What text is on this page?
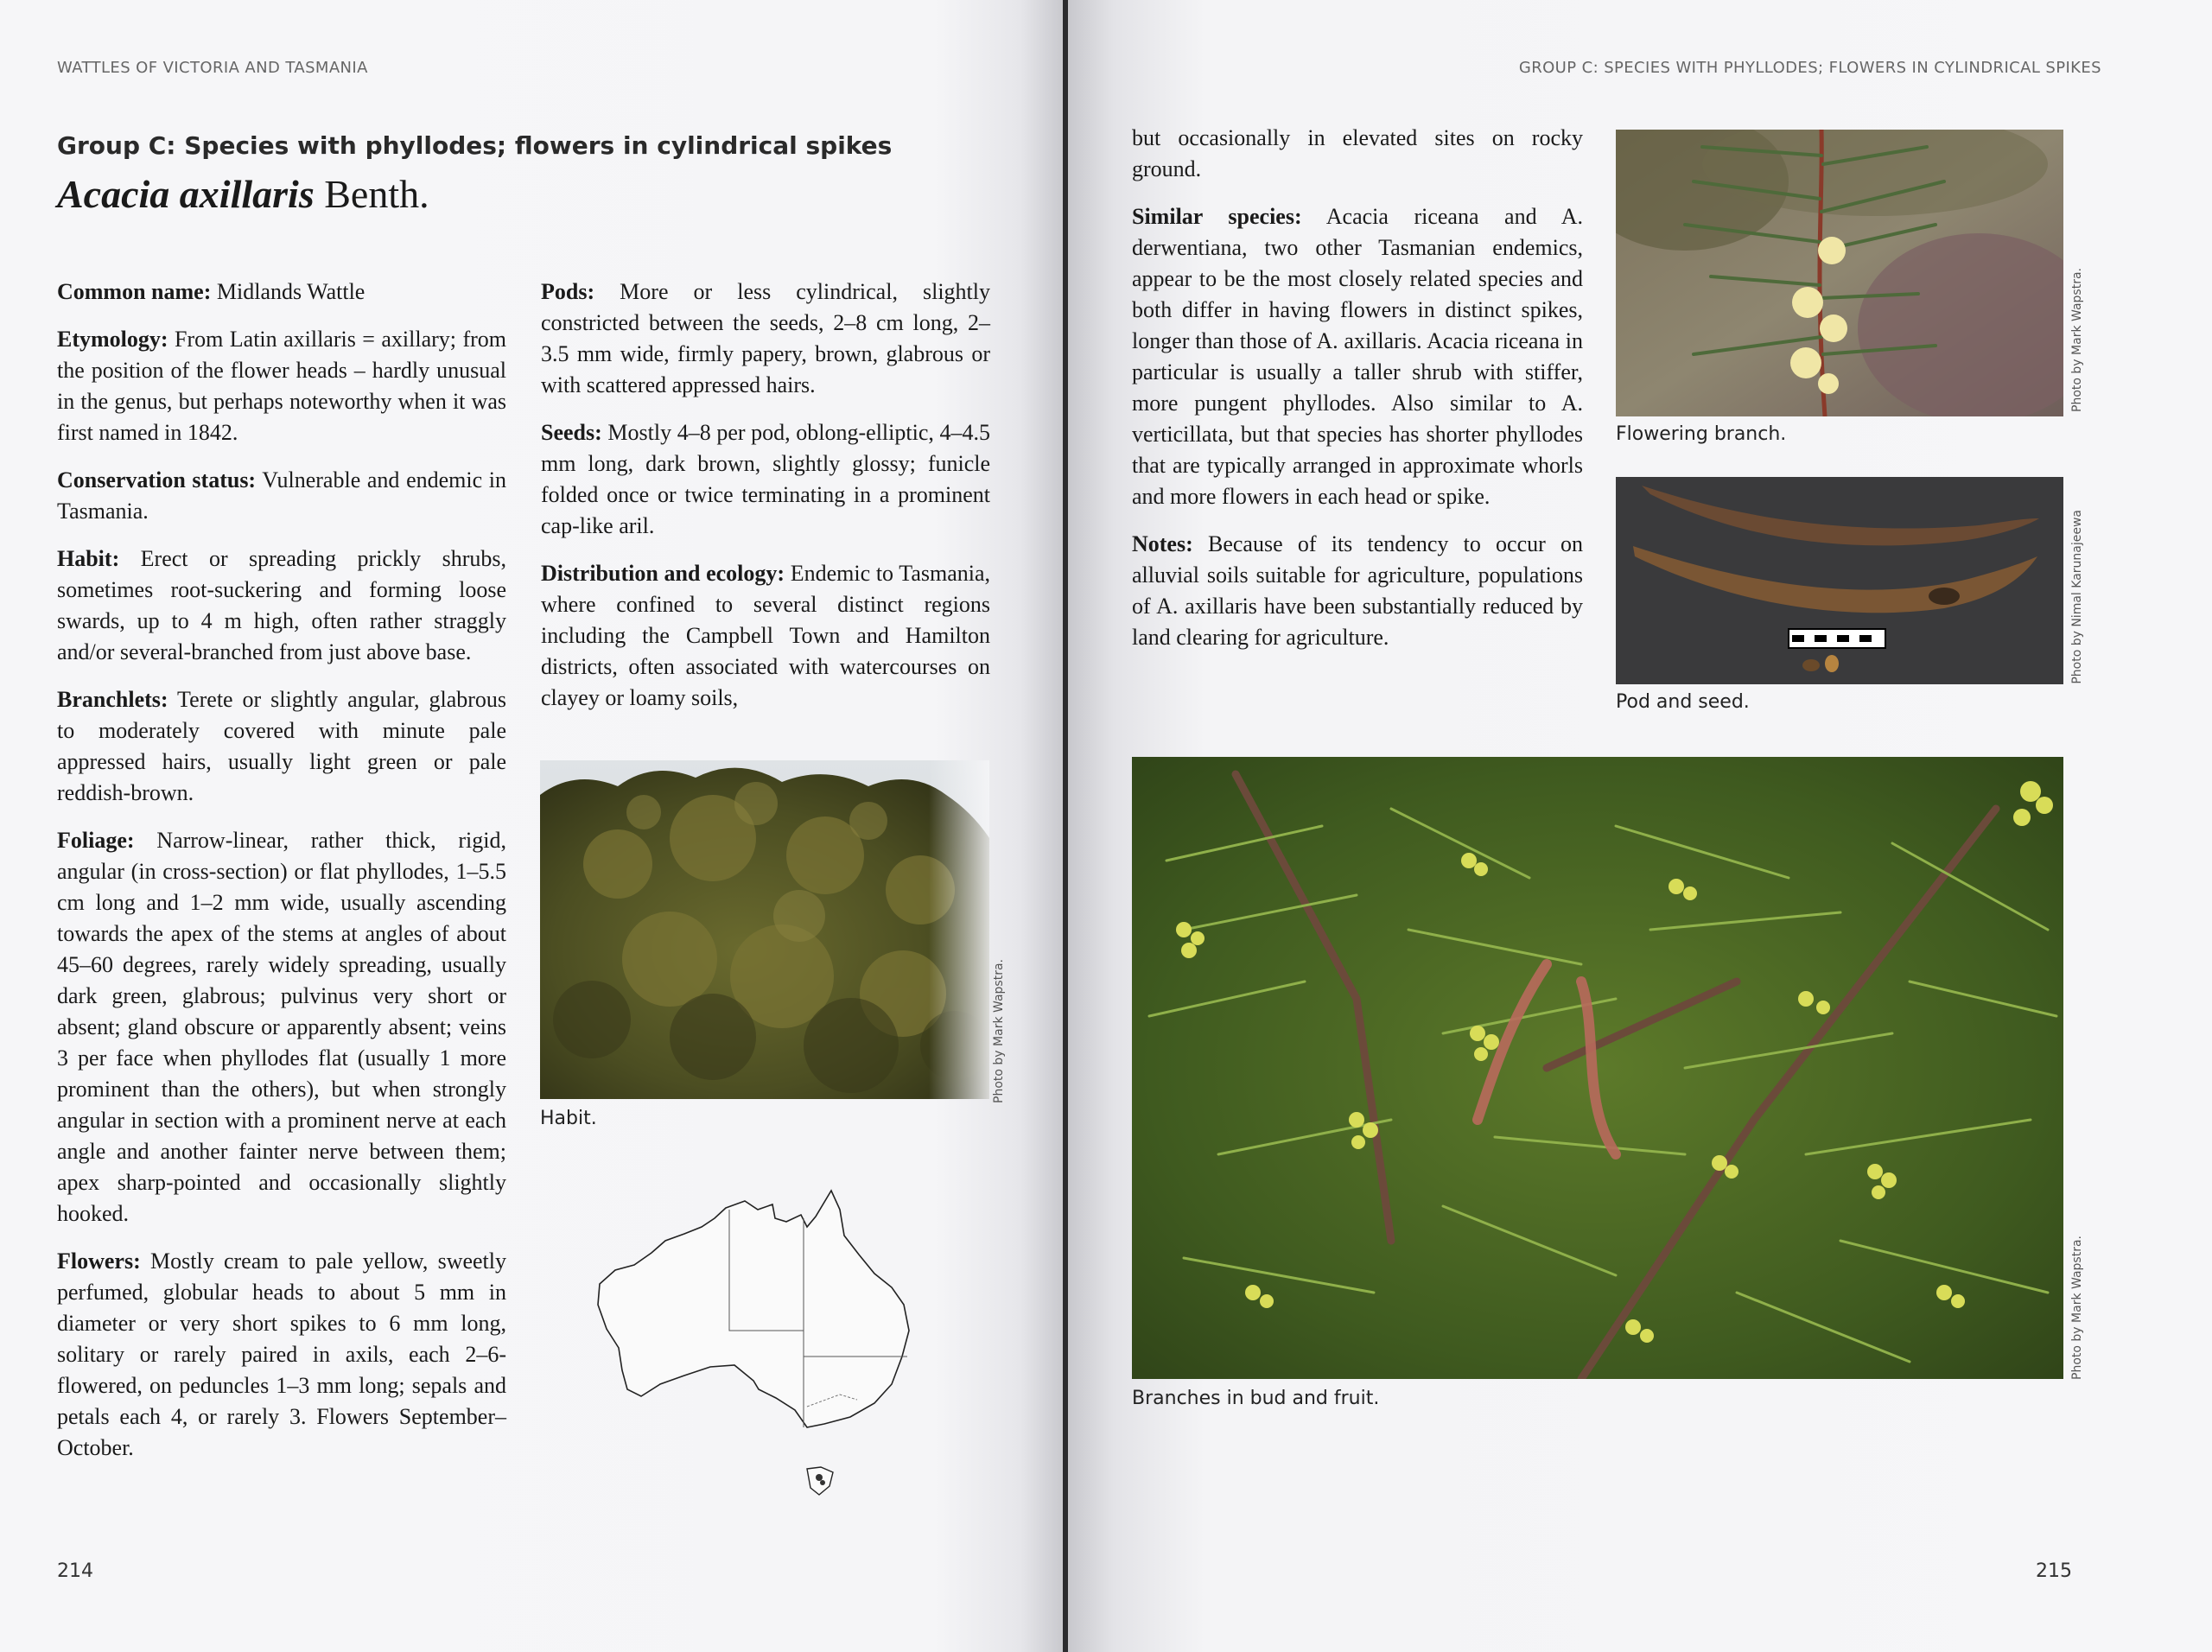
WATTLES OF VICTORIA AND TASMANIA
Group C: Species with phyllodes; flowers in cylindrical spikes
Acacia axillaris Benth.

Common name: Midlands Wattle

Etymology: From Latin axillaris = axillary; from the position of the flower heads – hardly unusual in the genus, but perhaps noteworthy when it was first named in 1842.

Conservation status: Vulnerable and endemic in Tasmania.

Habit: Erect or spreading prickly shrubs, sometimes root-suckering and forming loose swards, up to 4 m high, often rather straggly and/or several-branched from just above base.

Branchlets: Terete or slightly angular, glabrous to moderately covered with minute pale appressed hairs, usually light green or pale reddish-brown.

Foliage: Narrow-linear, rather thick, rigid, angular (in cross-section) or flat phyllodes, 1–5.5 cm long and 1–2 mm wide, usually ascending towards the apex of the stems at angles of about 45–60 degrees, rarely widely spreading, usually dark green, glabrous; pulvinus very short or absent; gland obscure or apparently absent; veins 3 per face when phyllodes flat (usually 1 more prominent than the others), but when strongly angular in section with a prominent nerve at each angle and another fainter nerve between them; apex sharp-pointed and occasionally slightly hooked.

Flowers: Mostly cream to pale yellow, sweetly perfumed, globular heads to about 5 mm in diameter or very short spikes to 6 mm long, solitary or rarely paired in axils, each 2–6-flowered, on peduncles 1–3 mm long; sepals and petals each 4, or rarely 3. Flowers September–October.

Pods: More or less cylindrical, slightly constricted between the seeds, 2–8 cm long, 2–3.5 mm wide, firmly papery, brown, glabrous or with scattered appressed hairs.

Seeds: Mostly 4–8 per pod, oblong-elliptic, 4–4.5 mm long, dark brown, slightly glossy; funicle folded once or twice terminating in a prominent cap-like aril.

Distribution and ecology: Endemic to Tasmania, where confined to several distinct regions including the Campbell Town and Hamilton districts, often associated with watercourses on clayey or loamy soils,

Habit.
Photo by Mark Wapstra.
214
GROUP C: SPECIES WITH PHYLLODES; FLOWERS IN CYLINDRICAL SPIKES

but occasionally in elevated sites on rocky ground.

Similar species: Acacia riceana and A. derwentiana, two other Tasmanian endemics, appear to be the most closely related species and both differ in having flowers in distinct spikes, longer than those of A. axillaris. Acacia riceana in particular is usually a taller shrub with stiffer, more pungent phyllodes. Also similar to A. verticillata, but that species has shorter phyllodes that are typically arranged in approximate whorls and more flowers in each head or spike.

Notes: Because of its tendency to occur on alluvial soils suitable for agriculture, populations of A. axillaris have been substantially reduced by land clearing for agriculture.

Flowering branch.
Photo by Mark Wapstra.
Pod and seed.
Photo by Nimal Karunajeewa
Branches in bud and fruit.
Photo by Mark Wapstra.
215
